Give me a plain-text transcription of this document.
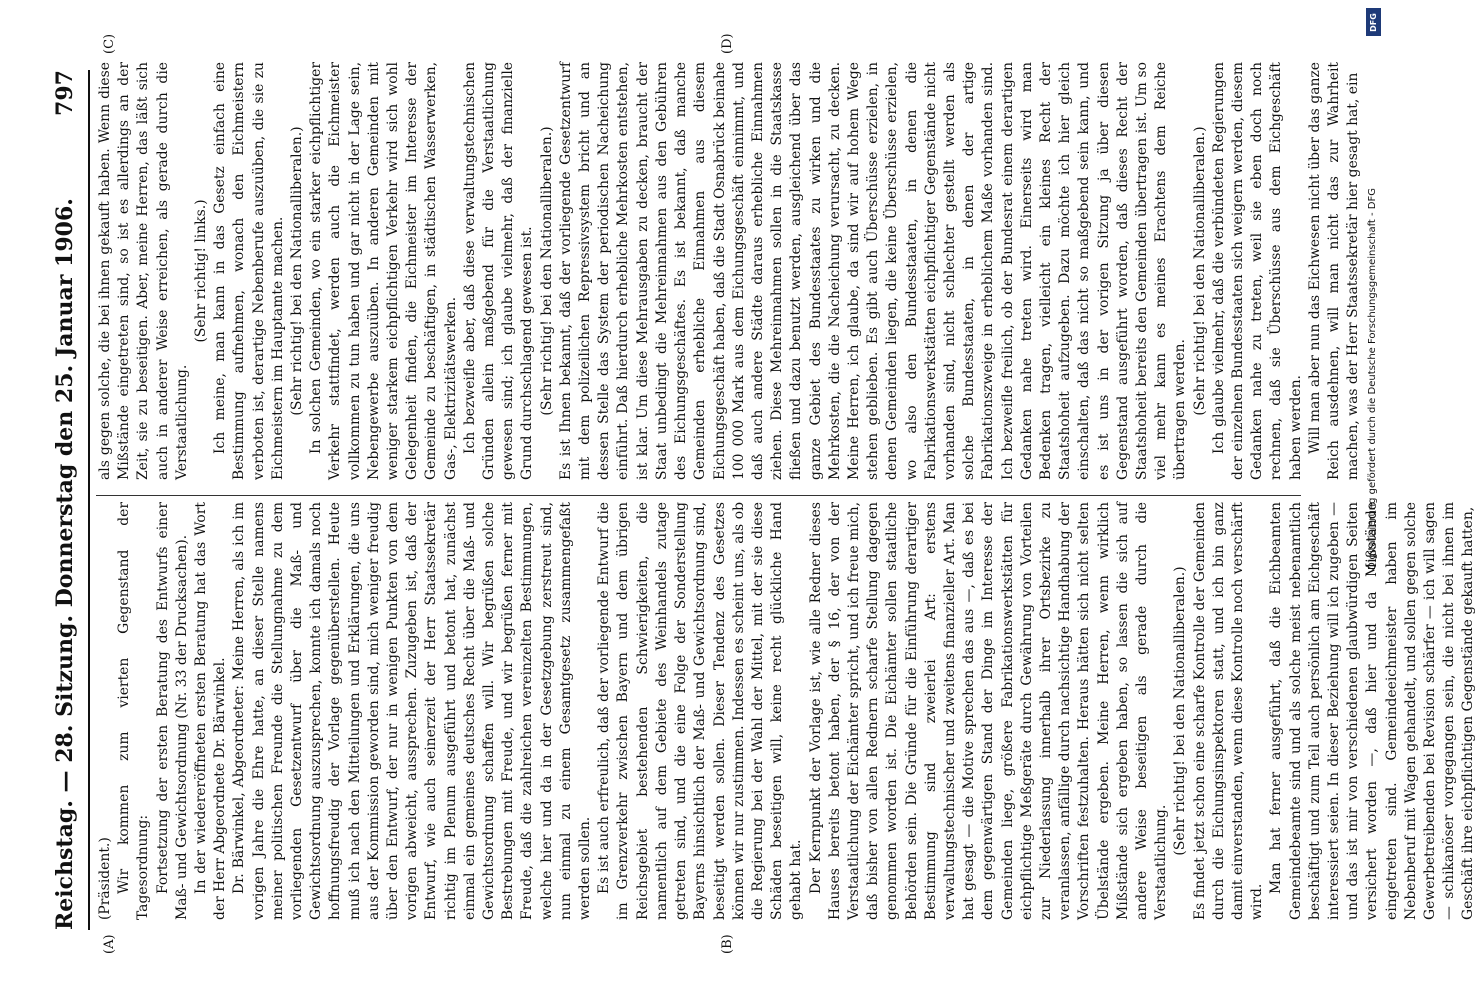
Reichstag. — 28. Sitzung. Donnerstag den 25. Januar 1906.
797
(A)	(B)
(C)	(D)

(Präsident.) Wir kommen zum vierten Gegenstand der Tagesordnung: Fortsetzung der ersten Beratung des Entwurfs einer Maß- und Gewichtsordnung (Nr. 33 der Drucksachen). In der wiedereröffneten ersten Beratung hat das Wort der Herr Abgeordnete Dr. Bärwinkel. Dr. Bärwinkel, Abgeordneter: Meine Herren, als ich im vorigen Jahre die Ehre hatte, an dieser Stelle namens meiner politischen Freunde die Stellungnahme zu dem vorliegenden Gesetzentwurf über die Maß- und Gewichtsordnung auszusprechen, konnte ich damals noch hoffnungsfreudig der Vorlage gegenüberstellen. Heute muß ich nach den Mitteilungen und Erklärungen, die uns aus der Kommission geworden sind, mich weniger freudig über den Entwurf, der nur in wenigen Punkten von dem vorigen abweicht, aussprechen. Zuzugeben ist, daß der Entwurf, wie auch seinerzeit der Herr Staatssekretär richtig im Plenum ausgeführt und betont hat, zunächst einmal ein gemeines deutsches Recht über die Maß- und Gewichtsordnung schaffen will. Wir begrüßen solche Bestrebungen mit Freude, und wir begrüßen ferner mit Freude, daß die zahlreichen vereinzelten Bestimmungen, welche hier und da in der Gesetzgebung zerstreut sind, nun einmal zu einem Gesamtgesetz zusammengefaßt werden sollen. Es ist auch erfreulich, daß der vorliegende Entwurf die im Grenzverkehr zwischen Bayern und dem übrigen Reichsgebiet bestehenden Schwierigkeiten, die namentlich auf dem Gebiete des Weinhandels zutage getreten sind, und die eine Folge der Sonderstellung Bayerns hinsichtlich der Maß- und Gewichtsordnung sind, beseitigt werden sollen. Dieser Tendenz des Gesetzes können wir nur zustimmen. Indessen es scheint uns, als ob die Regierung bei der Wahl der Mittel, mit der sie diese Schäden beseitigen will, keine recht glückliche Hand gehabt hat. Der Kernpunkt der Vorlage ist, wie alle Redner dieses Hauses bereits betont haben, der § 16, der von der Verstaatlichung der Eichämter spricht, und ich freue mich, daß bisher von allen Rednern scharfe Stellung dagegen genommen worden ist. Die Eichämter sollen staatliche Behörden sein. Die Gründe für die Einführung derartiger Bestimmung sind zweierlei Art: erstens verwaltungstechnischer und zweitens finanzieller Art. Man hat gesagt — die Motive sprechen das aus —, daß es bei dem gegenwärtigen Stand der Dinge im Interesse der Gemeinden liege, größere Fabrikationswerkstätten für eichpflichtige Meßgeräte durch Gewährung von Vorteilen zur Niederlassung innerhalb ihrer Ortsbezirke zu veranlassen, anfällige durch nachsichtige Handhabung der Vorschriften festzuhalten. Heraus hätten sich nicht selten Übelstände ergeben. Meine Herren, wenn wirklich Mißstände sich ergeben haben, so lassen die sich auf andere Weise beseitigen als gerade durch die Verstaatlichung.

(Sehr richtig! bei den Nationalliberalen.) Es findet jetzt schon eine scharfe Kontrolle der Gemeinden durch die Eichungsinspektoren statt, und ich bin ganz damit einverstanden, wenn diese Kontrolle noch verschärft wird.

Man hat ferner ausgeführt, daß die Eichbeamten Gemeindebeamte sind und als solche meist nebenamtlich beschäftigt und zum Teil auch persönlich am Eichgeschäft interessiert seien. In dieser Beziehung will ich zugeben — und das ist mir von verschiedenen glaubwürdigen Seiten versichert worden —, daß hier und da Mißstände eingetreten sind. Gemeindeeichmeister haben im Nebenberuf mit Wagen gehandelt, und sollen gegen solche Gewerbetreibenden bei Revision schärfer — ich will sagen — schikanöser vorgegangen sein, die nicht bei ihnen im Geschäft ihre eichpflichtigen Gegenstände gekauft hatten,

als gegen solche, die bei ihnen gekauft haben. Wenn diese Mißstände eingetreten sind, so ist es allerdings an der Zeit, sie zu beseitigen. Aber, meine Herren, das läßt sich auch in anderer Weise erreichen, als gerade durch die Verstaatlichung.

(Sehr richtig! links.) Ich meine, man kann in das Gesetz einfach eine Bestimmung aufnehmen, wonach den Eichmeistern verboten ist, derartige Nebenberufe auszuüben, die sie zu Eichmeistern im Hauptamte machen. (Sehr richtig! bei den Nationalliberalen.) In solchen Gemeinden, wo ein starker eichpflichtiger Verkehr stattfindet, werden auch die Eichmeister vollkommen zu tun haben und gar nicht in der Lage sein, Nebengewerbe auszuüben. In anderen Gemeinden mit weniger starkem eichpflichtigen Verkehr wird sich wohl Gelegenheit finden, die Eichmeister im Interesse der Gemeinde zu beschäftigen, in städtischen Wasserwerken, Gas-, Elektrizitätswerken. Ich bezweifle aber, daß diese verwaltungstechnischen Gründen allein maßgebend für die Verstaatlichung gewesen sind; ich glaube vielmehr, daß der finanzielle Grund durchschlagend gewesen ist. (Sehr richtig! bei den Nationalliberalen.) Es ist Ihnen bekannt, daß der vorliegende Gesetzentwurf mit dem polizeilichen Repressivsystem bricht und an dessen Stelle das System der periodischen Nacheichung einführt. Daß hierdurch erhebliche Mehrkosten entstehen, ist klar. Um diese Mehrausgaben zu decken, braucht der Staat unbedingt die Mehreinnahmen aus den Gebühren des Eichungsgeschäftes. Es ist bekannt, daß manche Gemeinden erhebliche Einnahmen aus diesem Eichungsgeschäft haben, daß die Stadt Osnabrück beinahe 100 000 Mark aus dem Eichungsgeschäft einnimmt, und daß auch andere Städte daraus erhebliche Einnahmen ziehen. Diese Mehreinnahmen sollen in die Staatskasse fließen und dazu benutzt werden, ausgleichend über das ganze Gebiet des Bundesstaates zu wirken und die Mehrkosten, die die Nacheichung verursacht, zu decken. Meine Herren, ich glaube, da sind wir auf hohem Wege stehen geblieben. Es gibt auch Überschüsse erzielen, in denen Gemeinden liegen, die keine Überschüsse erzielen, wo also den Bundesstaaten, in denen die Fabrikationswerkstätten eichpflichtiger Gegenstände nicht vorhanden sind, nicht schlechter gestellt werden als solche Bundesstaaten, in denen der artige Fabrikationszweige in erheblichem Maße vorhanden sind. Ich bezweifle freilich, ob der Bundesrat einem derartigen Gedanken nahe treten wird. Einerseits wird man Bedenken tragen, vielleicht ein kleines Recht der Staatshoheit aufzugeben. Dazu möchte ich hier gleich einschalten, daß das nicht so maßgebend sein kann, und es ist uns in der vorigen Sitzung ja über diesen Gegenstand ausgeführt worden, daß dieses Recht der Staatshoheit bereits den Gemeinden übertragen ist. Um so viel mehr kann es meines Erachtens dem Reiche übertragen werden. (Sehr richtig! bei den Nationalliberalen.) Ich glaube vielmehr, daß die verbündeten Regierungen der einzelnen Bundesstaaten sich weigern werden, diesem Gedanken nahe zu treten, weil sie eben doch noch rechnen, daß sie Überschüsse aus dem Eichgeschäft haben werden. Will man aber nun das Eichwesen nicht über das ganze Reich ausdehnen, will man nicht das zur Wahrheit machen, was der Herr Staatssekretär hier gesagt hat, ein

DFG
Digitalisierung gefördert durch die Deutsche Forschungsgemeinschaft - DFG
